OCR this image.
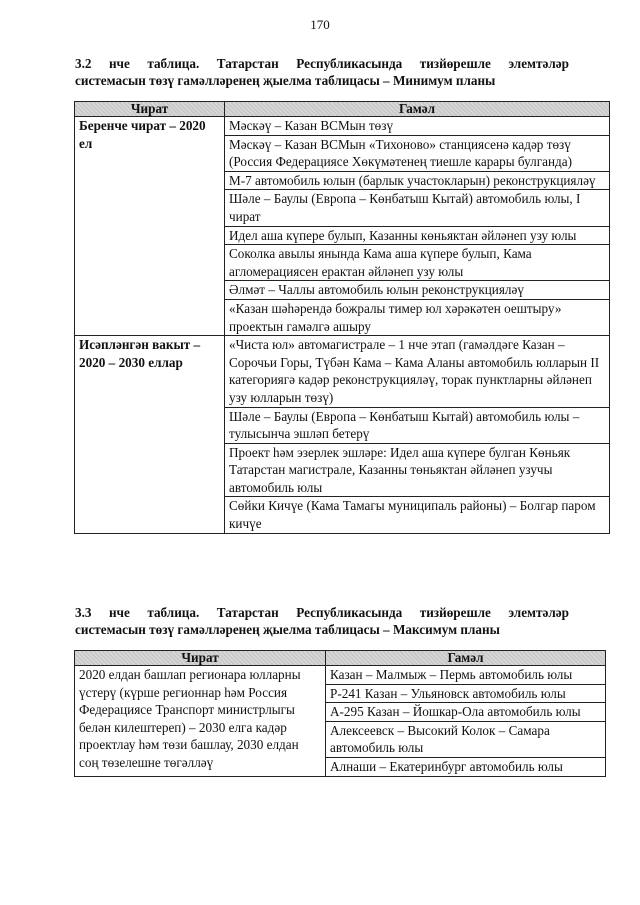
170
3.2 нче таблица. Татарстан Республикасында тизйөрешле элемтәләр
системасын төзү гамәлләренең җыелма таблицасы – Минимум планы
Чират	Гамәл
Беренче чират – 2020 ел	Мәскәү – Казан ВСМын төзү
	Мәскәү – Казан ВСМын «Тихоново» станциясенә кадәр төзү (Россия Федерациясе Хөкүмәтенең тиешле карары булганда)
	М-7 автомобиль юлын (барлык участокларын) реконструкцияләү
	Шәле – Баулы (Европа – Көнбатыш Кытай) автомобиль юлы, I чират
	Идел аша күпере булып, Казанны көньяктан әйләнеп узу юлы
	Соколка авылы янында Кама аша күпере булып, Кама агломерациясен ерактан әйләнеп узу юлы
	Әлмәт – Чаллы автомобиль юлын реконструкцияләү
	«Казан шәһәрендә божралы тимер юл хәрәкәтен оештыру» проектын гамәлгә ашыру
Исәпләнгән вакыт – 2020 – 2030 еллар	«Чиста юл» автомагистрале – 1 нче этап (гамәлдәге Казан – Сорочьи Горы, Түбән Кама – Кама Аланы автомобиль юлларын II категориягә кадәр реконструкцияләү, торак пунктларны әйләнеп узу юлларын төзү)
	Шәле – Баулы (Европа – Көнбатыш Кытай) автомобиль юлы – тулысынча эшләп бетерү
	Проект һәм эзерлек эшләре: Идел аша күпере булган Көньяк Татарстан магистрале, Казанны төньяктан әйләнеп узучы автомобиль юлы
	Сөйки Кичүе (Кама Тамагы муниципаль районы) – Болгар паром кичүе
3.3 нче таблица. Татарстан Республикасында тизйөрешле элемтәләр
системасын төзү гамәлләренең җыелма таблицасы – Максимум планы
Чират	Гамәл
2020 елдан башлап регионара юлларны үстерү (күрше регионнар һәм Россия Федерациясе Транспорт министрлыгы белән килештереп) – 2030 елга кадәр проектлау һәм төзи башлау, 2030 елдан соң төзелешне төгәлләү	Казан – Малмыж – Пермь автомобиль юлы
	Р-241 Казан – Ульяновск автомобиль юлы
	А-295 Казан – Йошкар-Ола автомобиль юлы
	Алексеевск – Высокий Колок – Самара автомобиль юлы
	Алнаши – Екатеринбург автомобиль юлы
